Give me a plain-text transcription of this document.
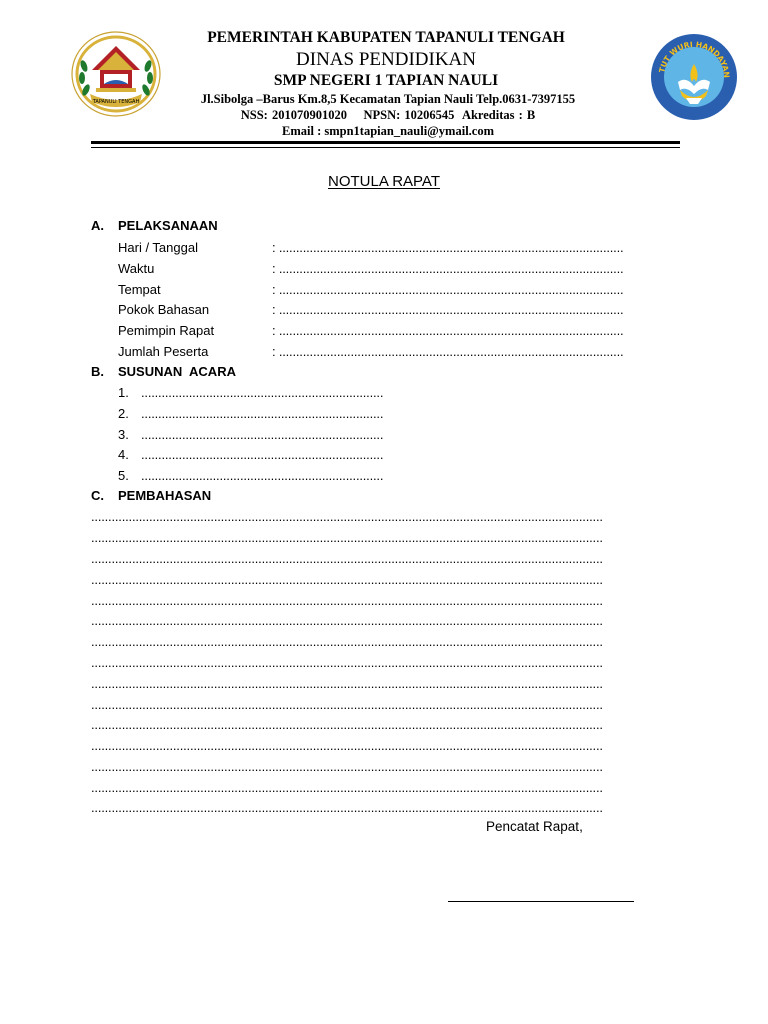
TAPANULI TENGAH
TUT WURI HANDAYAN
PEMERINTAH KABUPATEN TAPANULI TENGAH
DINAS PENDIDIKAN
SMP NEGERI 1 TAPIAN NAULI
Jl.Sibolga –Barus Km.8,5 Kecamatan Tapian Nauli Telp.0631-7397155
NSS: 201070901020    NPSN: 10206545  Akreditas : B
Email : smpn1tapian_nauli@ymail.com
NOTULA RAPAT
A. PELAKSANAAN
Hari / Tanggal	: .....................................................................................................
Waktu	: .....................................................................................................
Tempat	: .....................................................................................................
Pokok Bahasan	: .....................................................................................................
Pemimpin Rapat	: .....................................................................................................
Jumlah Peserta	: .....................................................................................................
B. SUSUNAN  ACARA
1. .......................................................................
2. .......................................................................
3. .......................................................................
4. .......................................................................
5. .......................................................................
C. PEMBAHASAN
......................................................................................................................................................
......................................................................................................................................................
......................................................................................................................................................
......................................................................................................................................................
......................................................................................................................................................
......................................................................................................................................................
......................................................................................................................................................
......................................................................................................................................................
......................................................................................................................................................
......................................................................................................................................................
......................................................................................................................................................
......................................................................................................................................................
......................................................................................................................................................
......................................................................................................................................................
......................................................................................................................................................
Pencatat Rapat,
